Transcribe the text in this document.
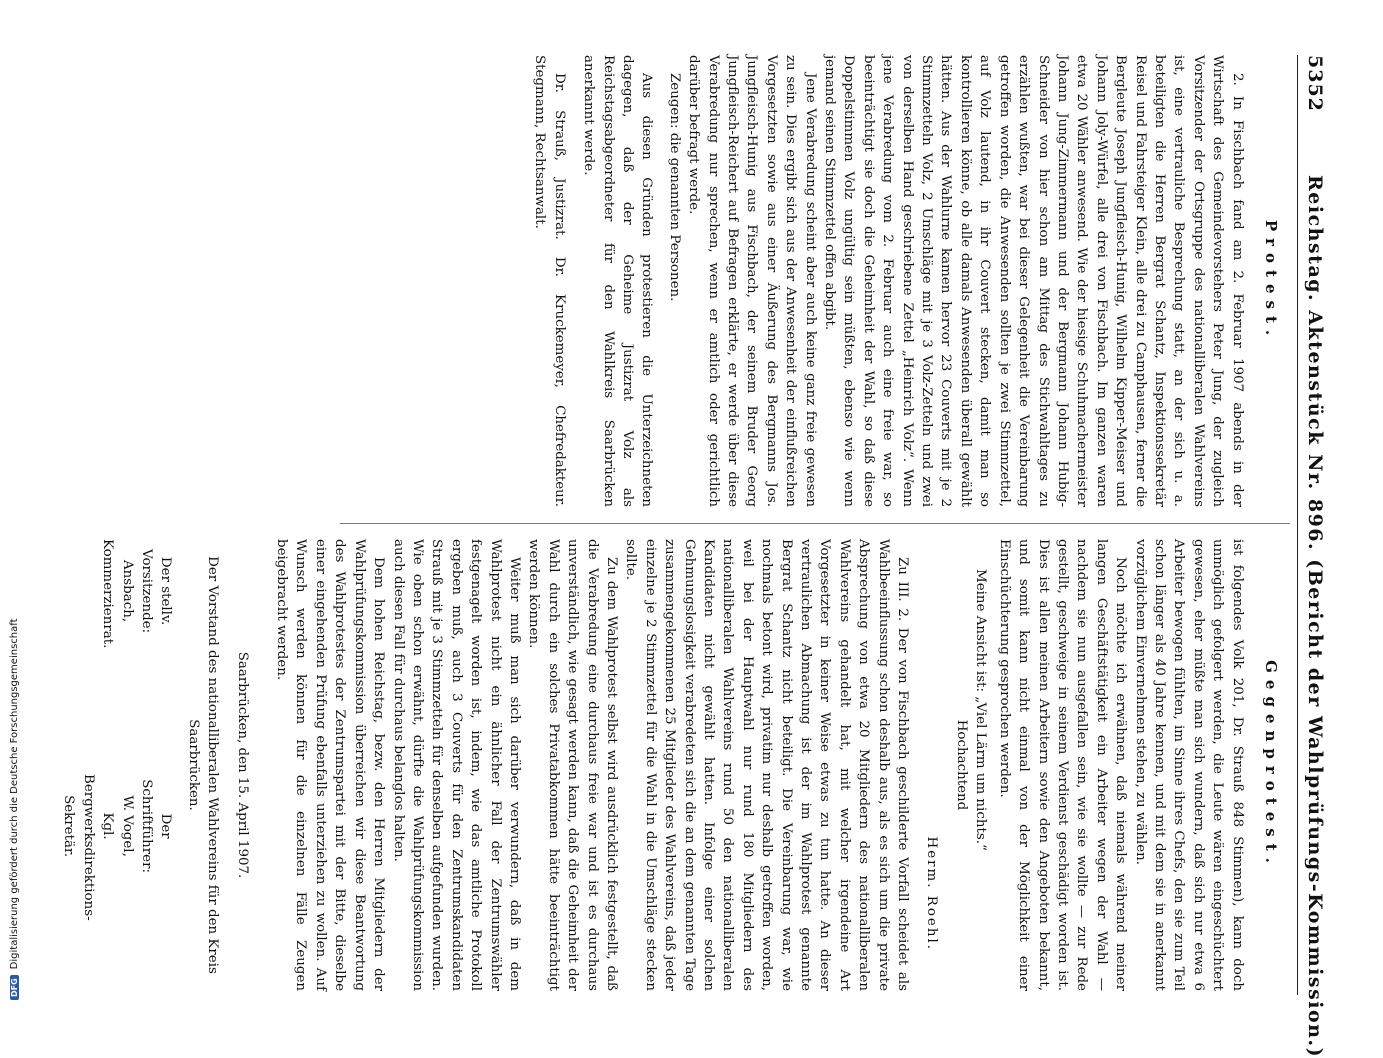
5352
Reichstag. Aktenstück Nr. 896. (Bericht der Wahlprüfungs-Kommission.)
Protest.

2. In Fischbach fand am 2. Februar 1907 abends in der Wirtschaft des Gemeindevorstehers Peter Jung, der zugleich Vorsitzender der Ortsgruppe des nationalliberalen Wahlvereins ist, eine vertrauliche Besprechung statt, an der sich u. a. beteiligten die Herren Bergrat Schantz, Inspektionssekretär Reisel und Fahrsteiger Klein, alle drei zu Camphausen, ferner die Bergleute Joseph Jungfleisch-Hunig, Wilhelm Kipper-Meiser und Johann Joly-Würfel, alle drei von Fischbach. Im ganzen waren etwa 20 Wähler anwesend. Wie der hiesige Schuhmachermeister Johann Jung-Zimmermann und der Bergmann Johann Hubig-Schneider von hier schon am Mittag des Stichwahltages zu erzählen wußten, war bei dieser Gelegenheit die Vereinbarung getroffen worden, die Anwesenden sollten je zwei Stimmzettel, auf Volz lautend, in ihr Couvert stecken, damit man so kontrollieren könne, ob alle damals Anwesenden überall gewählt hätten. Aus der Wahlurne kamen hervor 23 Couverts mit je 2 Stimmzetteln Volz, 2 Umschläge mit je 3 Volz-Zetteln und zwei von derselben Hand geschriebene Zettel „Heinrich Volz“. Wenn jene Verabredung vom 2. Februar auch eine freie war, so beeinträchtigt sie doch die Geheimheit der Wahl, so daß diese Doppelstimmen Volz ungültig sein müßten, ebenso wie wenn jemand seinen Stimmzettel offen abgibt.

Jene Verabredung scheint aber auch keine ganz freie gewesen zu sein. Dies ergibt sich aus der Anwesenheit der einflußreichen Vorgesetzten sowie aus einer Äußerung des Bergmanns Jos. Jungfleisch-Hunig aus Fischbach, der seinem Bruder Georg Jungfleisch-Reichert auf Befragen erklärte, er werde über diese Verabredung nur sprechen, wenn er amtlich oder gerichtlich darüber befragt werde.

Zeugen: die genannten Personen.

Aus diesen Gründen protestieren die Unterzeichneten dagegen, daß der Geheime Justizrat Volz als Reichstagsabgeordneter für den Wahlkreis Saarbrücken anerkannt werde.

Dr. Strauß, Justizrat. Dr. Kruckemeyer, Chefredakteur. Stegmann, Rechtsanwalt.

Gegenprotest.

ist folgendes Volk 201, Dr. Strauß 848 Stimmen), kann doch unmöglich gefolgert werden, die Leute wären eingeschüchtert gewesen, eher müßte man sich wundern, daß sich nur etwa 6 Arbeiter bewogen fühlten, im Sinne ihres Chefs, den sie zum Teil schon länger als 40 Jahre kennen, und mit dem sie in anerkannt vorzüglichem Einvernehmen stehen, zu wählen.

Noch möchte ich erwähnen, daß niemals während meiner langen Geschäftstätigkeit ein Arbeiter wegen der Wahl — nachdem sie nun ausgefallen sein, wie sie wollte — zur Rede gestellt, geschweige in seinem Verdienst geschädigt worden ist. Dies ist allen meinen Arbeitern sowie den Angeboten bekannt, und somit kann nicht einmal von der Möglichkeit einer Einschüchterung gesprochen werden.

Meine Ansicht ist: „Viel Lärm um nichts.“

Hochachtend
Herm. Roehl.

Zu III. 2. Der von Fischbach geschilderte Vorfall scheidet als Wahlbeeinflussung schon deshalb aus, als es sich um die private Absprechung von etwa 20 Mitgliedern des nationalliberalen Wahlvereins gehandelt hat, mit welcher irgendeine Art Vorgesetzter in keiner Weise etwas zu tun hatte. An dieser vertraulichen Abmachung ist der im Wahlprotest genannte Bergrat Schantz nicht beteiligt. Die Vereinbarung war, wie nochmals betont wird, privatim nur deshalb getroffen worden, weil bei der Hauptwahl nur rund 180 Mitgliedern des nationalliberalen Wahlvereins rund 50 den nationalliberalen Kandidaten nicht gewählt hatten. Infolge einer solchen Gehmungslosigkeit verabredeten sich die an dem genannten Tage zusammengekommenen 25 Mitglieder des Wahlvereins, daß jeder einzelne je 2 Stimmzettel für die Wahl in die Umschläge stecken sollte.

Zu dem Wahlprotest selbst wird ausdrücklich festgestellt, daß die Verabredung eine durchaus freie war und ist es durchaus unverständlich, wie gesagt werden kann, daß die Geheimheit der Wahl durch ein solches Privatabkommen hätte beeinträchtigt werden können.

Weiter muß man sich darüber verwundern, daß in dem Wahlprotest nicht ein ähnlicher Fall der Zentrumswähler festgenagelt worden ist, indem, wie das amtliche Protokoll ergeben muß, auch 3 Couverts für den Zentrumskandidaten Strauß mit je 3 Stimmzetteln für denselben aufgefunden wurden. Wie oben schon erwähnt, dürfte die Wahlprüfungskommission auch diesen Fall für durchaus belanglos halten.

Dem hohen Reichstag, bezw. den Herren Mitgliedern der Wahlprüfungskommission überreichen wir diese Beantwortung des Wahlprotestes der Zentrumspartei mit der Bitte, dieselbe einer eingehenden Prüfung ebenfalls unterziehen zu wollen. Auf Wunsch werden können für die einzelnen Fälle Zeugen beigebracht werden.

Saarbrücken, den 15. April 1907.
Der Vorstand des nationalliberalen Wahlvereins für den Kreis Saarbrücken.
Der stellv. Vorsitzende:
Ansbach,
Kommerzienrat.
Der Schriftführer:
W. Vogel,
Kgl. Bergwerksdirektions-Sekretär.
DFGDigitalisierung gefördert durch die Deutsche Forschungsgemeinschaft
